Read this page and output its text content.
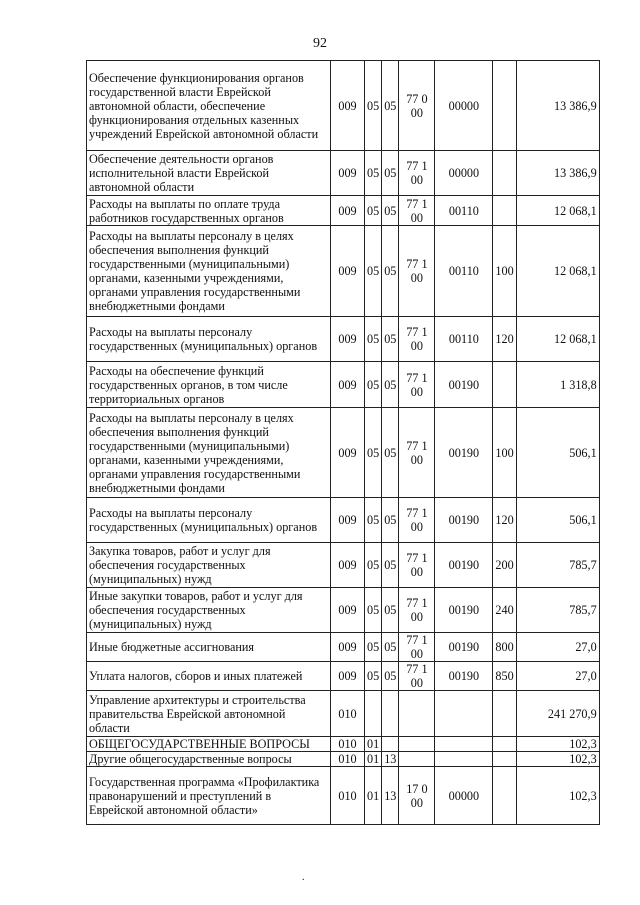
92
Обеспечение функционирования органов государственной власти Еврейской автономной области, обеспечение функционирования отдельных казенных учреждений Еврейской автономной области	009	05	05	77 0 00	00000		13 386,9
Обеспечение деятельности органов исполнительной власти Еврейской автономной области	009	05	05	77 1 00	00000		13 386,9
Расходы на выплаты по оплате труда работников государственных органов	009	05	05	77 1 00	00110		12 068,1
Расходы на выплаты персоналу в целях обеспечения выполнения функций государственными (муниципальными) органами, казенными учреждениями, органами управления государственными внебюджетными фондами	009	05	05	77 1 00	00110	100	12 068,1
Расходы на выплаты персоналу государственных (муниципальных) органов	009	05	05	77 1 00	00110	120	12 068,1
Расходы на обеспечение функций государственных органов, в том числе территориальных органов	009	05	05	77 1 00	00190		1 318,8
Расходы на выплаты персоналу в целях обеспечения выполнения функций государственными (муниципальными) органами, казенными учреждениями, органами управления государственными внебюджетными фондами	009	05	05	77 1 00	00190	100	506,1
Расходы на выплаты персоналу государственных (муниципальных) органов	009	05	05	77 1 00	00190	120	506,1
Закупка товаров, работ и услуг для обеспечения государственных (муниципальных) нужд	009	05	05	77 1 00	00190	200	785,7
Иные закупки товаров, работ и услуг для обеспечения государственных (муниципальных) нужд	009	05	05	77 1 00	00190	240	785,7
Иные бюджетные ассигнования	009	05	05	77 1 00	00190	800	27,0
Уплата налогов, сборов и иных платежей	009	05	05	77 1 00	00190	850	27,0
Управление архитектуры и строительства правительства Еврейской автономной области	010						241 270,9
ОБЩЕГОСУДАРСТВЕННЫЕ ВОПРОСЫ	010	01					102,3
Другие общегосударственные вопросы	010	01	13				102,3
Государственная программа «Профилактика правонарушений и преступлений в Еврейской автономной области»	010	01	13	17 0 00	00000		102,3
.
